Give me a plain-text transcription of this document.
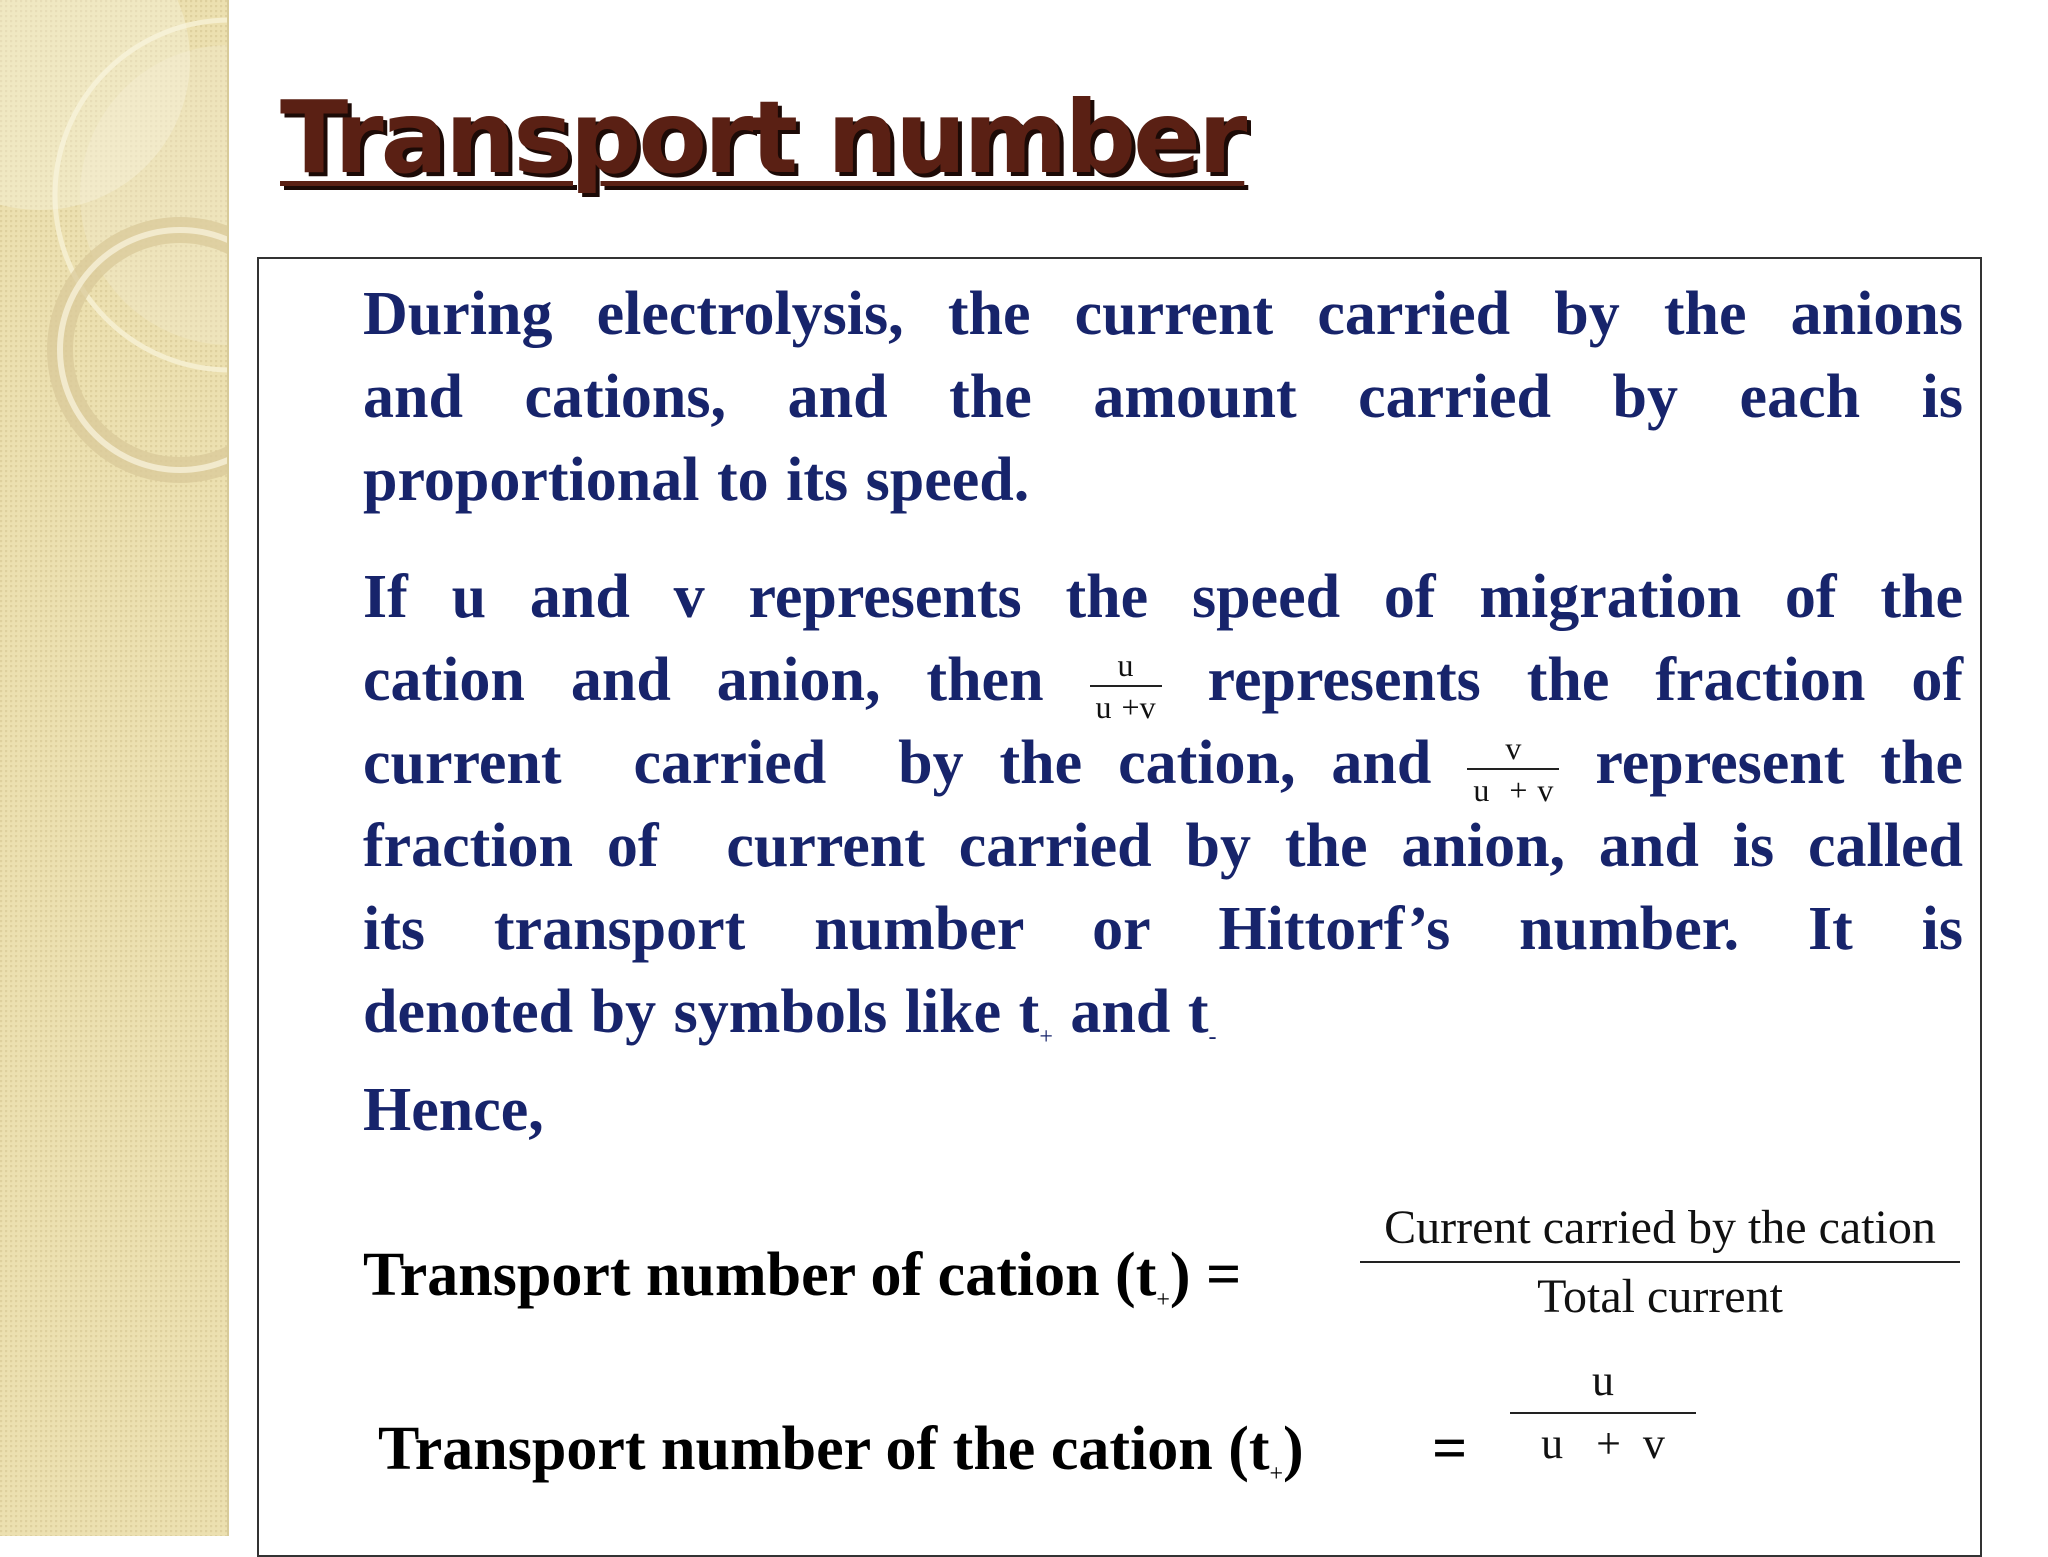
Transport number
During electrolysis, the current carried by the anions
and cations, and the amount carried by each is
proportional to its speed.
If u and v represents the speed of migration of the
cation and anion, then $\frac{u}{u +v}$ represents the fraction of
current  carried  by the cation, and $\frac{v}{u + v}$ represent the
fraction of  current carried by the anion, and is called
its transport number or Hittorf’s number. It is
denoted by symbols like t+ and t-

Hence,

Transport number of cation (t+) =
Current carried by the cation
Total current
Transport number of the cation (t+) =
u
u   +  v
